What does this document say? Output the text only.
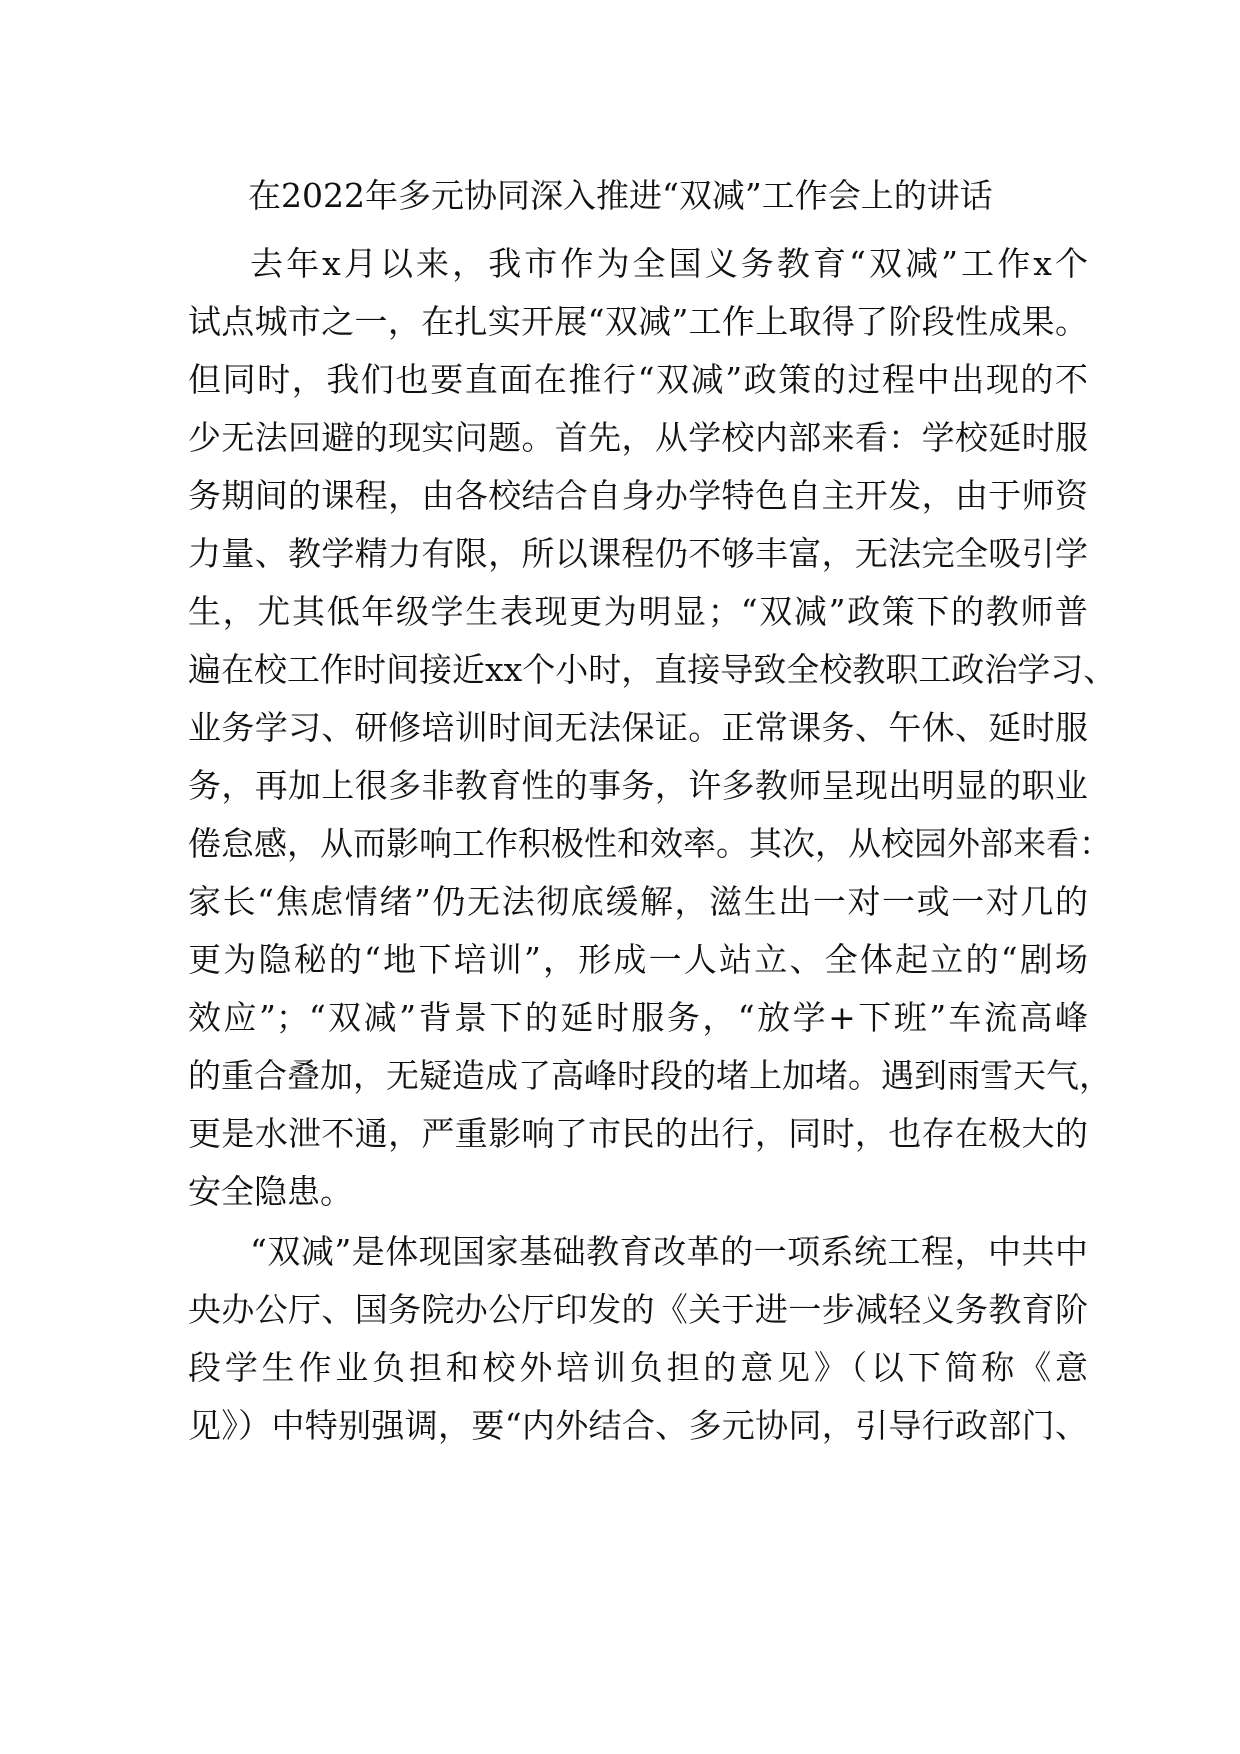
在2022年多元协同深入推进“双减”工作会上的讲话
去年x月以来，我市作为全国义务教育“双减”工作x个
试点城市之一，在扎实开展“双减”工作上取得了阶段性成果。
但同时，我们也要直面在推行“双减”政策的过程中出现的不
少无法回避的现实问题。首先，从学校内部来看：学校延时服
务期间的课程，由各校结合自身办学特色自主开发，由于师资
力量、教学精力有限，所以课程仍不够丰富，无法完全吸引学
生，尤其低年级学生表现更为明显；“双减”政策下的教师普
遍在校工作时间接近xx个小时，直接导致全校教职工政治学习、
业务学习、研修培训时间无法保证。正常课务、午休、延时服
务，再加上很多非教育性的事务，许多教师呈现出明显的职业
倦怠感，从而影响工作积极性和效率。其次，从校园外部来看：
家长“焦虑情绪”仍无法彻底缓解，滋生出一对一或一对几的
更为隐秘的“地下培训”，形成一人站立、全体起立的“剧场
效应”；“双减”背景下的延时服务，“放学+下班”车流高峰
的重合叠加，无疑造成了高峰时段的堵上加堵。遇到雨雪天气，
更是水泄不通，严重影响了市民的出行，同时，也存在极大的
安全隐患。
“双减”是体现国家基础教育改革的一项系统工程，中共中
央办公厅、国务院办公厅印发的《关于进一步减轻义务教育阶
段学生作业负担和校外培训负担的意见》（以下简称《意
见》）中特别强调，要“内外结合、多元协同，引导行政部门、
